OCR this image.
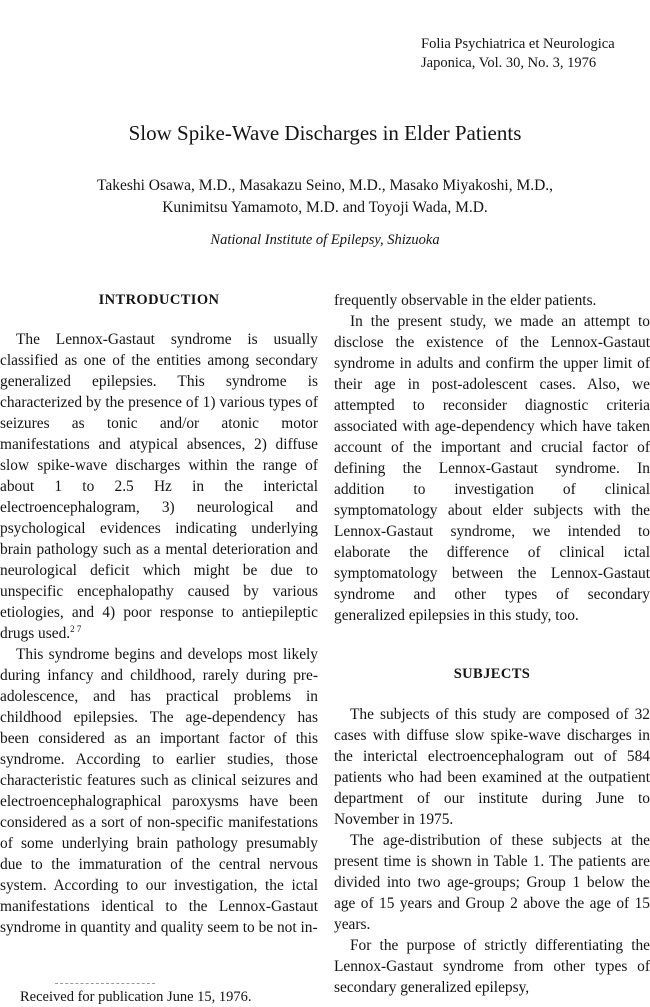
Folia Psychiatrica et Neurologica
Japonica, Vol. 30, No. 3, 1976
Slow Spike-Wave Discharges in Elder Patients
Takeshi Osawa, M.D., Masakazu Seino, M.D., Masako Miyakoshi, M.D.,
Kunimitsu Yamamoto, M.D. and Toyoji Wada, M.D.
National Institute of Epilepsy, Shizuoka
INTRODUCTION

The Lennox-Gastaut syndrome is usually classified as one of the entities among secondary generalized epilepsies. This syndrome is characterized by the presence of 1) various types of seizures as tonic and/or atonic motor manifestations and atypical absences, 2) diffuse slow spike-wave discharges within the range of about 1 to 2.5 Hz in the interictal electroencephalogram, 3) neurological and psychological evidences indicating underlying brain pathology such as a mental deterioration and neurological deficit which might be due to unspecific encephalopathy caused by various etiologies, and 4) poor response to antiepileptic drugs used.$^{2 7}$

This syndrome begins and develops most likely during infancy and childhood, rarely during pre-adolescence, and has practical problems in childhood epilepsies. The age-dependency has been considered as an important factor of this syndrome. According to earlier studies, those characteristic features such as clinical seizures and electroencephalographical paroxysms have been considered as a sort of non-specific manifestations of some underlying brain pathology presumably due to the immaturation of the central nervous system. According to our investigation, the ictal manifestations identical to the Lennox-Gastaut syndrome in quantity and quality seem to be not in-

frequently observable in the elder patients.

In the present study, we made an attempt to disclose the existence of the Lennox-Gastaut syndrome in adults and confirm the upper limit of their age in post-adolescent cases. Also, we attempted to reconsider diagnostic criteria associated with age-dependency which have taken account of the important and crucial factor of defining the Lennox-Gastaut syndrome. In addition to investigation of clinical symptomatology about elder subjects with the Lennox-Gastaut syndrome, we intended to elaborate the difference of clinical ictal symptomatology between the Lennox-Gastaut syndrome and other types of secondary generalized epilepsies in this study, too.

SUBJECTS

The subjects of this study are composed of 32 cases with diffuse slow spike-wave discharges in the interictal electroencephalogram out of 584 patients who had been examined at the outpatient department of our institute during June to November in 1975.

The age-distribution of these subjects at the present time is shown in Table 1. The patients are divided into two age-groups; Group 1 below the age of 15 years and Group 2 above the age of 15 years.

For the purpose of strictly differentiating the Lennox-Gastaut syndrome from other types of secondary generalized epilepsy,

Received for publication June 15, 1976.
